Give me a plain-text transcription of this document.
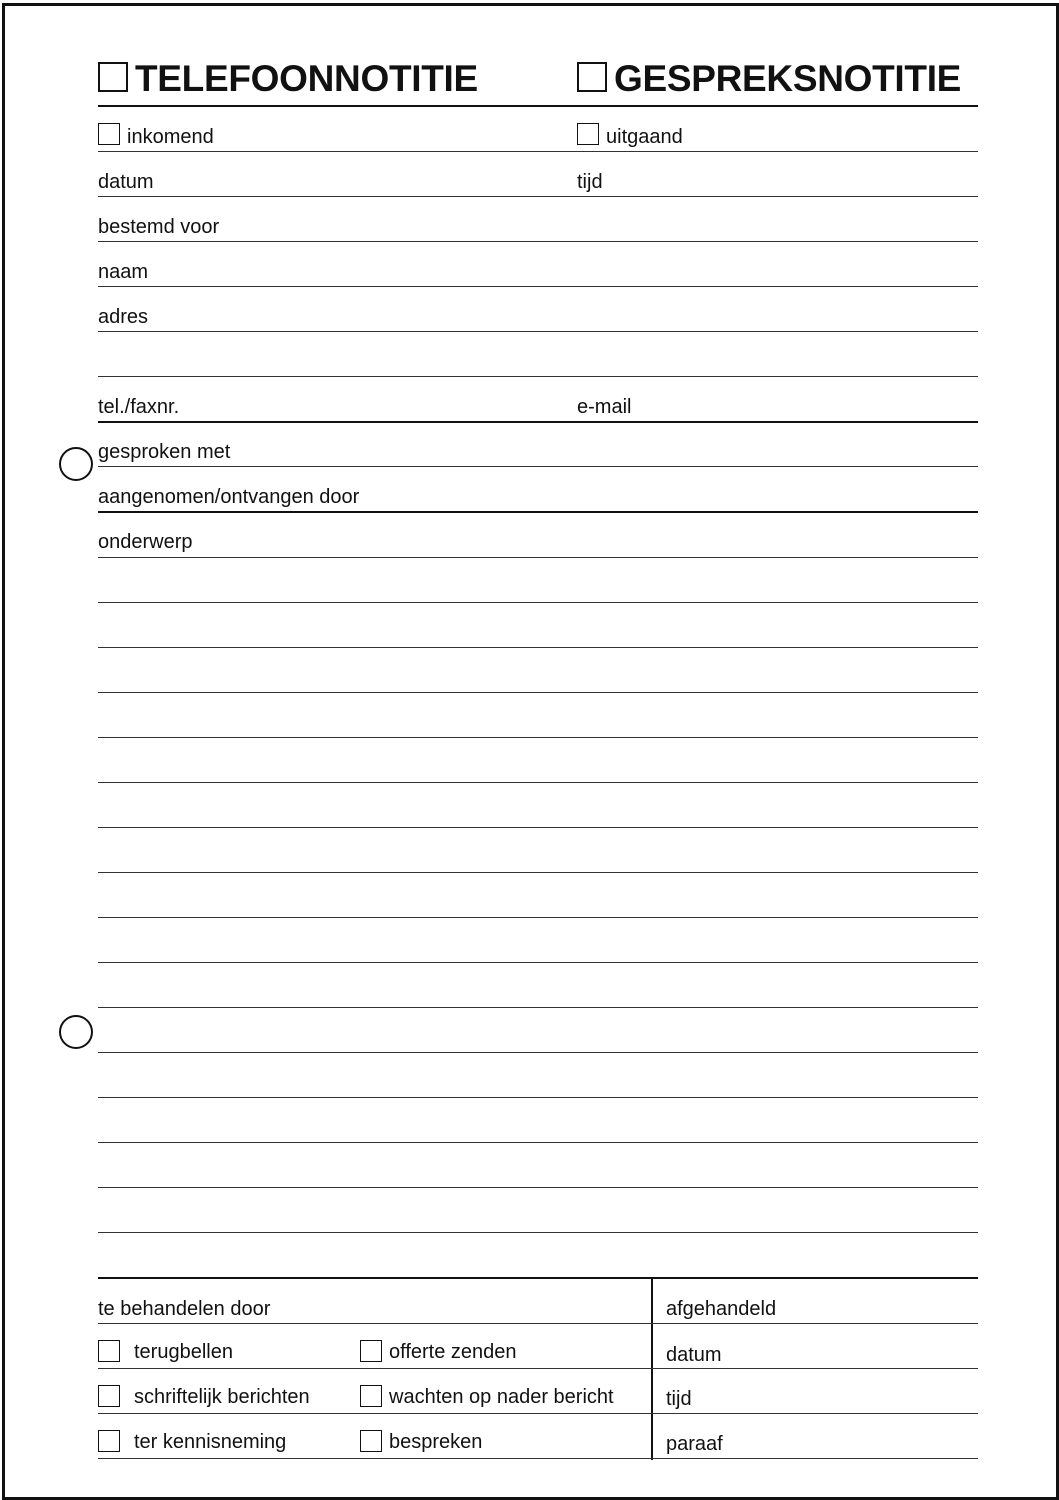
TELEFOONNOTITIE	GESPREKSNOTITIE
inkomend	uitgaand
datum	tijd
bestemd voor
naam
adres
tel./faxnr.	e-mail
gesproken met
aangenomen/ontvangen door
onderwerp
te behandelen door	afgehandeld
terugbellen	offerte zenden	datum
schriftelijk berichten	wachten op nader bericht	tijd
ter kennisneming	bespreken	paraaf
